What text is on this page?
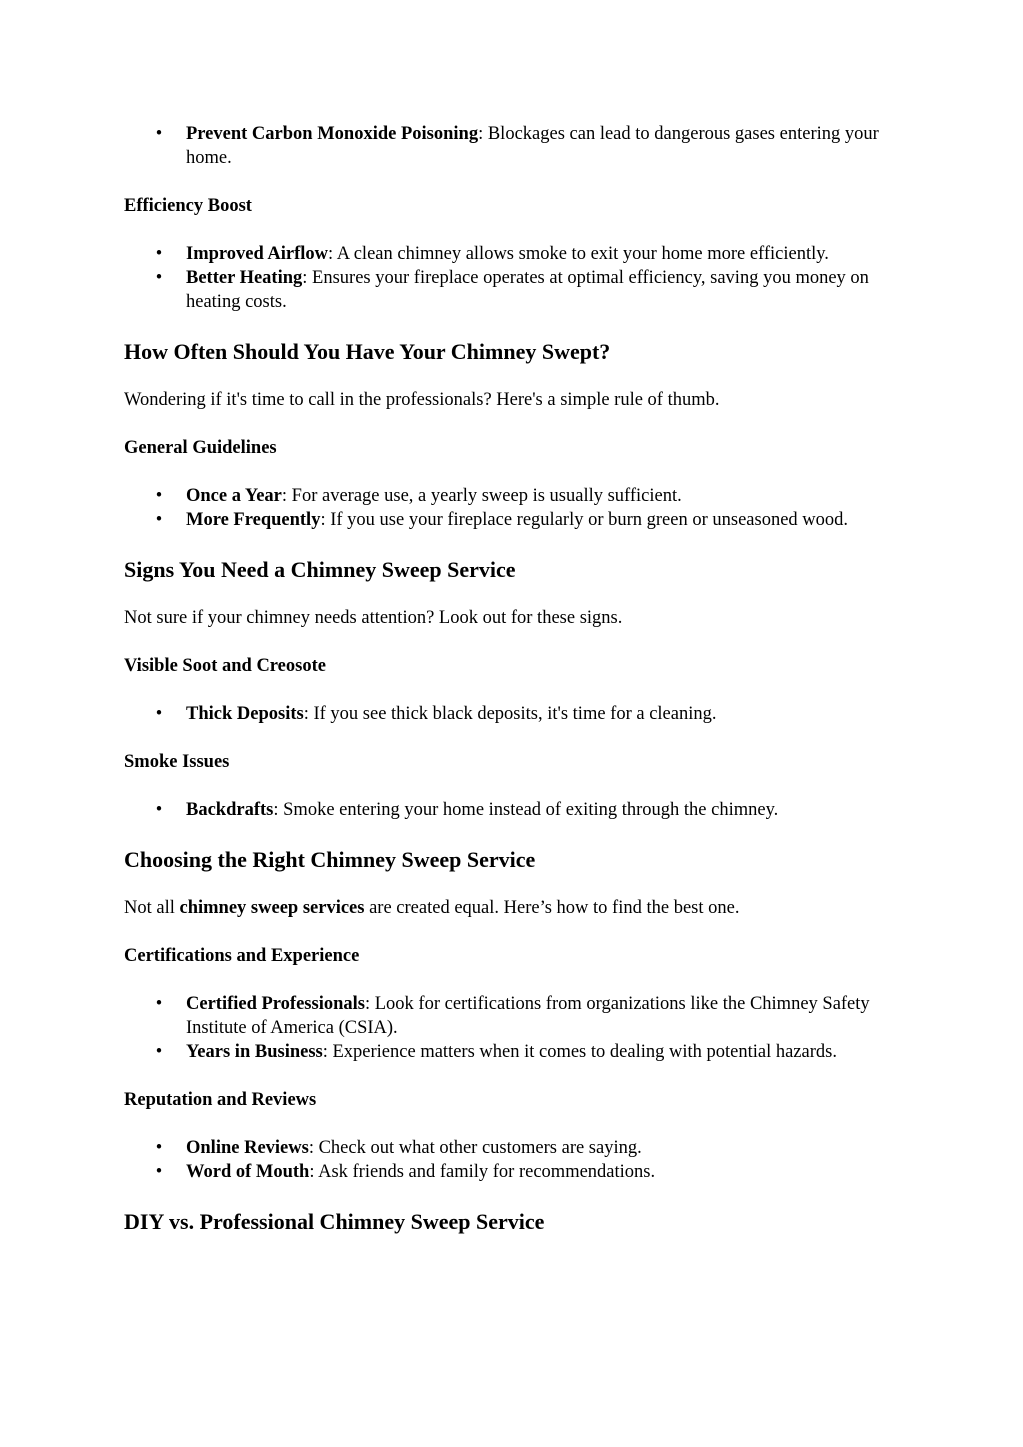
• Prevent Carbon Monoxide Poisoning: Blockages can lead to dangerous gases entering your home.
Efficiency Boost
• Improved Airflow: A clean chimney allows smoke to exit your home more efficiently.
• Better Heating: Ensures your fireplace operates at optimal efficiency, saving you money on heating costs.
How Often Should You Have Your Chimney Swept?

Wondering if it's time to call in the professionals? Here's a simple rule of thumb.

General Guidelines
• Once a Year: For average use, a yearly sweep is usually sufficient.
• More Frequently: If you use your fireplace regularly or burn green or unseasoned wood.
Signs You Need a Chimney Sweep Service

Not sure if your chimney needs attention? Look out for these signs.

Visible Soot and Creosote
• Thick Deposits: If you see thick black deposits, it's time for a cleaning.
Smoke Issues
• Backdrafts: Smoke entering your home instead of exiting through the chimney.
Choosing the Right Chimney Sweep Service

Not all chimney sweep services are created equal. Here’s how to find the best one.

Certifications and Experience
• Certified Professionals: Look for certifications from organizations like the Chimney Safety Institute of America (CSIA).
• Years in Business: Experience matters when it comes to dealing with potential hazards.
Reputation and Reviews
• Online Reviews: Check out what other customers are saying.
• Word of Mouth: Ask friends and family for recommendations.
DIY vs. Professional Chimney Sweep Service
